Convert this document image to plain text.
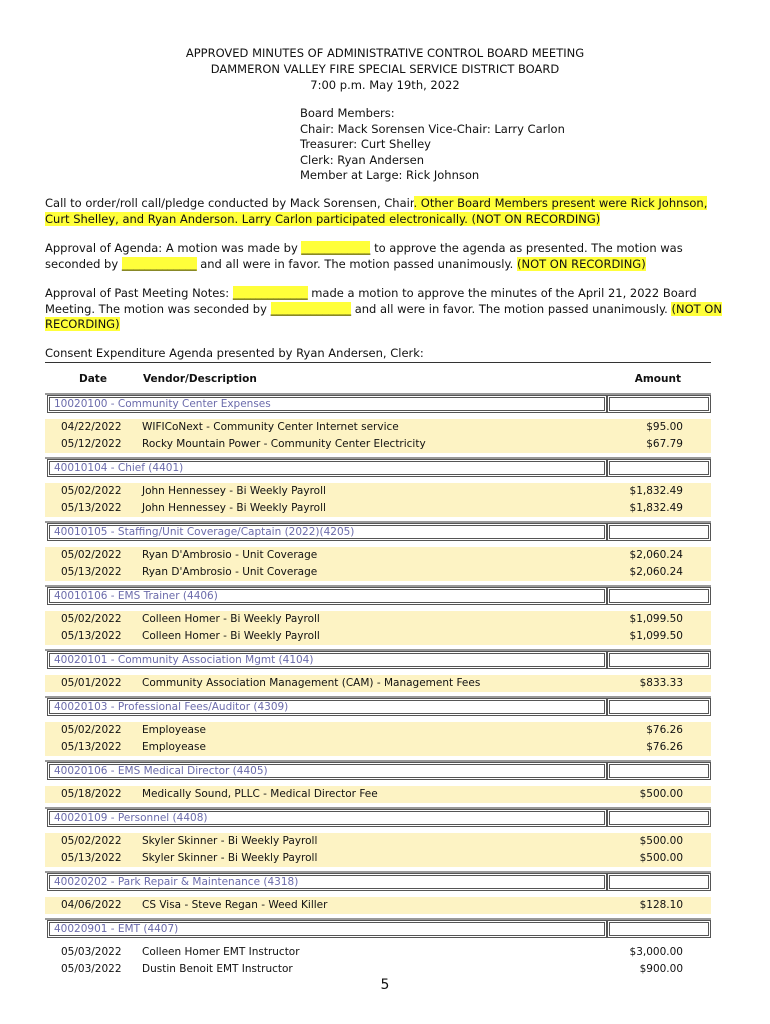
APPROVED MINUTES OF ADMINISTRATIVE CONTROL BOARD MEETING
DAMMERON VALLEY FIRE SPECIAL SERVICE DISTRICT BOARD
7:00 p.m. May 19th, 2022
Board Members:
Chair: Mack Sorensen Vice-Chair: Larry Carlon
Treasurer: Curt Shelley
Clerk: Ryan Andersen
Member at Large: Rick Johnson
Call to order/roll call/pledge conducted by Mack Sorensen, Chair. Other Board Members present were Rick Johnson, Curt Shelley, and Ryan Anderson. Larry Carlon participated electronically. (NOT ON RECORDING)
Approval of Agenda: A motion was made by ____________ to approve the agenda as presented. The motion was seconded by _____________ and all were in favor. The motion passed unanimously. (NOT ON RECORDING)
Approval of Past Meeting Notes: _____________ made a motion to approve the minutes of the April 21, 2022 Board Meeting. The motion was seconded by ______________ and all were in favor. The motion passed unanimously. (NOT ON RECORDING)
Consent Expenditure Agenda presented by Ryan Andersen, Clerk:
Date	Vendor/Description	Amount
10020100 - Community Center Expenses
04/22/2022 WIFICoNext - Community Center Internet service	$95.00
05/12/2022 Rocky Mountain Power - Community Center Electricity	$67.79
40010104 - Chief (4401)
05/02/2022 John Hennessey - Bi Weekly Payroll	$1,832.49
05/13/2022 John Hennessey - Bi Weekly Payroll	$1,832.49
40010105 - Staffing/Unit Coverage/Captain (2022)(4205)
05/02/2022 Ryan D'Ambrosio - Unit Coverage	$2,060.24
05/13/2022 Ryan D'Ambrosio - Unit Coverage	$2,060.24
40010106 - EMS Trainer (4406)
05/02/2022 Colleen Homer - Bi Weekly Payroll	$1,099.50
05/13/2022 Colleen Homer - Bi Weekly Payroll	$1,099.50
40020101 - Community Association Mgmt (4104)
05/01/2022 Community Association Management (CAM) - Management Fees	$833.33
40020103 - Professional Fees/Auditor (4309)
05/02/2022 Employease	$76.26
05/13/2022 Employease	$76.26
40020106 - EMS Medical Director (4405)
05/18/2022 Medically Sound, PLLC - Medical Director Fee	$500.00
40020109 - Personnel (4408)
05/02/2022 Skyler Skinner - Bi Weekly Payroll	$500.00
05/13/2022 Skyler Skinner - Bi Weekly Payroll	$500.00
40020202 - Park Repair & Maintenance (4318)
04/06/2022 CS Visa - Steve Regan - Weed Killer	$128.10
40020901 - EMT (4407)
05/03/2022 Colleen Homer EMT Instructor	$3,000.00
05/03/2022 Dustin Benoit EMT Instructor	$900.00
5
